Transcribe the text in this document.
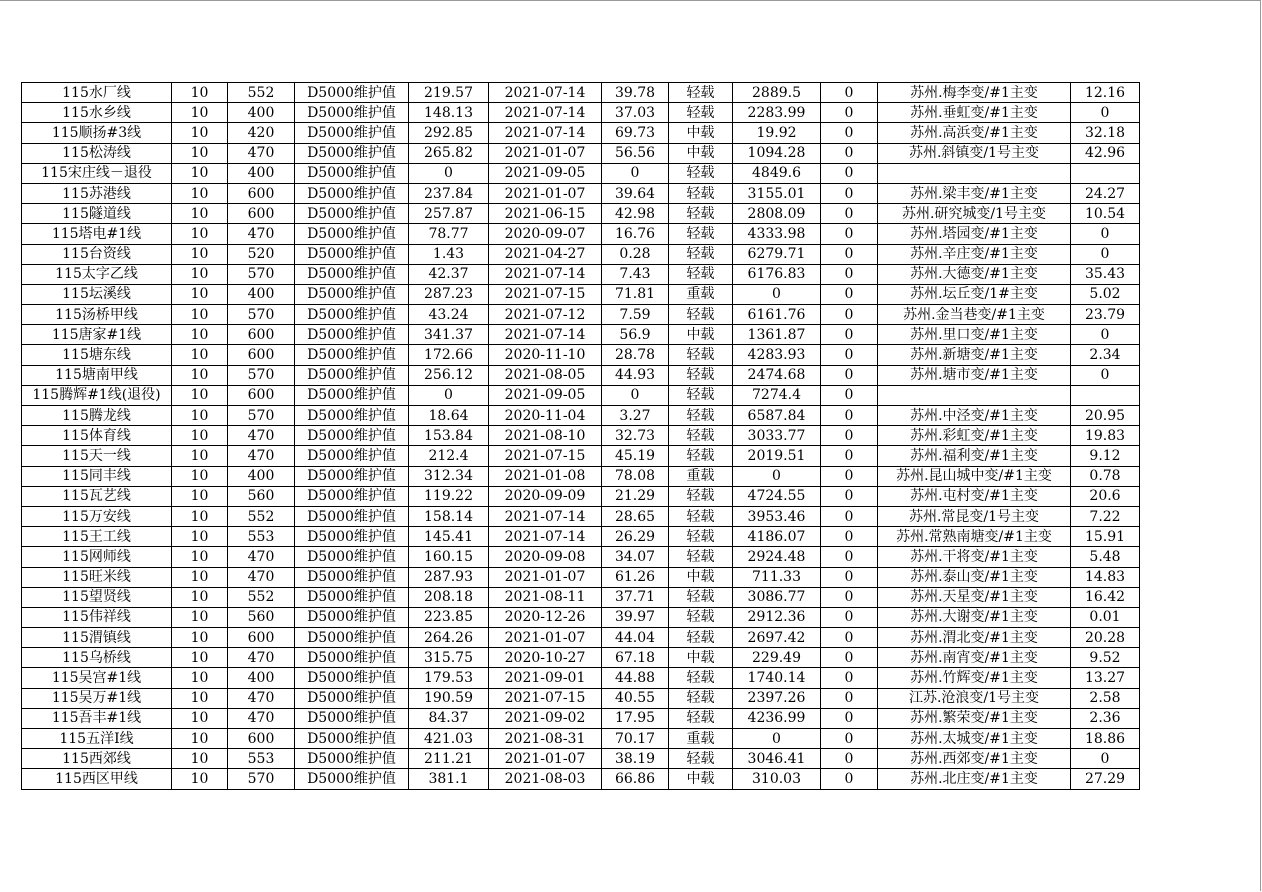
115水厂线	10	552	D5000维护值	219.57	2021-07-14	39.78	轻载	2889.5	0	苏州.梅李变/#1主变	12.16
115水乡线	10	400	D5000维护值	148.13	2021-07-14	37.03	轻载	2283.99	0	苏州.垂虹变/#1主变	0
115顺扬#3线	10	420	D5000维护值	292.85	2021-07-14	69.73	中载	19.92	0	苏州.高浜变/#1主变	32.18
115松涛线	10	470	D5000维护值	265.82	2021-01-07	56.56	中载	1094.28	0	苏州.斜镇变/1号主变	42.96
115宋庄线－退役	10	400	D5000维护值	0	2021-09-05	0	轻载	4849.6	0		
115苏港线	10	600	D5000维护值	237.84	2021-01-07	39.64	轻载	3155.01	0	苏州.梁丰变/#1主变	24.27
115隧道线	10	600	D5000维护值	257.87	2021-06-15	42.98	轻载	2808.09	0	苏州.研究城变/1号主变	10.54
115塔电#1线	10	470	D5000维护值	78.77	2020-09-07	16.76	轻载	4333.98	0	苏州.塔园变/#1主变	0
115台资线	10	520	D5000维护值	1.43	2021-04-27	0.28	轻载	6279.71	0	苏州.辛庄变/#1主变	0
115太字乙线	10	570	D5000维护值	42.37	2021-07-14	7.43	轻载	6176.83	0	苏州.大德变/#1主变	35.43
115坛溪线	10	400	D5000维护值	287.23	2021-07-15	71.81	重载	0	0	苏州.坛丘变/1#主变	5.02
115汤桥甲线	10	570	D5000维护值	43.24	2021-07-12	7.59	轻载	6161.76	0	苏州.金当巷变/#1主变	23.79
115唐家#1线	10	600	D5000维护值	341.37	2021-07-14	56.9	中载	1361.87	0	苏州.里口变/#1主变	0
115塘东线	10	600	D5000维护值	172.66	2020-11-10	28.78	轻载	4283.93	0	苏州.新塘变/#1主变	2.34
115塘南甲线	10	570	D5000维护值	256.12	2021-08-05	44.93	轻载	2474.68	0	苏州.塘市变/#1主变	0
115腾辉#1线(退役)	10	600	D5000维护值	0	2021-09-05	0	轻载	7274.4	0		
115腾龙线	10	570	D5000维护值	18.64	2020-11-04	3.27	轻载	6587.84	0	苏州.中泾变/#1主变	20.95
115体育线	10	470	D5000维护值	153.84	2021-08-10	32.73	轻载	3033.77	0	苏州.彩虹变/#1主变	19.83
115天一线	10	470	D5000维护值	212.4	2021-07-15	45.19	轻载	2019.51	0	苏州.福利变/#1主变	9.12
115同丰线	10	400	D5000维护值	312.34	2021-01-08	78.08	重载	0	0	苏州.昆山城中变/#1主变	0.78
115瓦艺线	10	560	D5000维护值	119.22	2020-09-09	21.29	轻载	4724.55	0	苏州.屯村变/#1主变	20.6
115万安线	10	552	D5000维护值	158.14	2021-07-14	28.65	轻载	3953.46	0	苏州.常昆变/1号主变	7.22
115王工线	10	553	D5000维护值	145.41	2021-07-14	26.29	轻载	4186.07	0	苏州.常熟南塘变/#1主变	15.91
115网师线	10	470	D5000维护值	160.15	2020-09-08	34.07	轻载	2924.48	0	苏州.干将变/#1主变	5.48
115旺米线	10	470	D5000维护值	287.93	2021-01-07	61.26	中载	711.33	0	苏州.泰山变/#1主变	14.83
115望贤线	10	552	D5000维护值	208.18	2021-08-11	37.71	轻载	3086.77	0	苏州.天星变/#1主变	16.42
115伟祥线	10	560	D5000维护值	223.85	2020-12-26	39.97	轻载	2912.36	0	苏州.大谢变/#1主变	0.01
115渭镇线	10	600	D5000维护值	264.26	2021-01-07	44.04	轻载	2697.42	0	苏州.渭北变/#1主变	20.28
115乌桥线	10	470	D5000维护值	315.75	2020-10-27	67.18	中载	229.49	0	苏州.南宵变/#1主变	9.52
115吴宫#1线	10	400	D5000维护值	179.53	2021-09-01	44.88	轻载	1740.14	0	苏州.竹辉变/#1主变	13.27
115吴万#1线	10	470	D5000维护值	190.59	2021-07-15	40.55	轻载	2397.26	0	江苏.沧浪变/1号主变	2.58
115吾丰#1线	10	470	D5000维护值	84.37	2021-09-02	17.95	轻载	4236.99	0	苏州.繁荣变/#1主变	2.36
115五洋I线	10	600	D5000维护值	421.03	2021-08-31	70.17	重载	0	0	苏州.太城变/#1主变	18.86
115西郊线	10	553	D5000维护值	211.21	2021-01-07	38.19	轻载	3046.41	0	苏州.西郊变/#1主变	0
115西区甲线	10	570	D5000维护值	381.1	2021-08-03	66.86	中载	310.03	0	苏州.北庄变/#1主变	27.29
